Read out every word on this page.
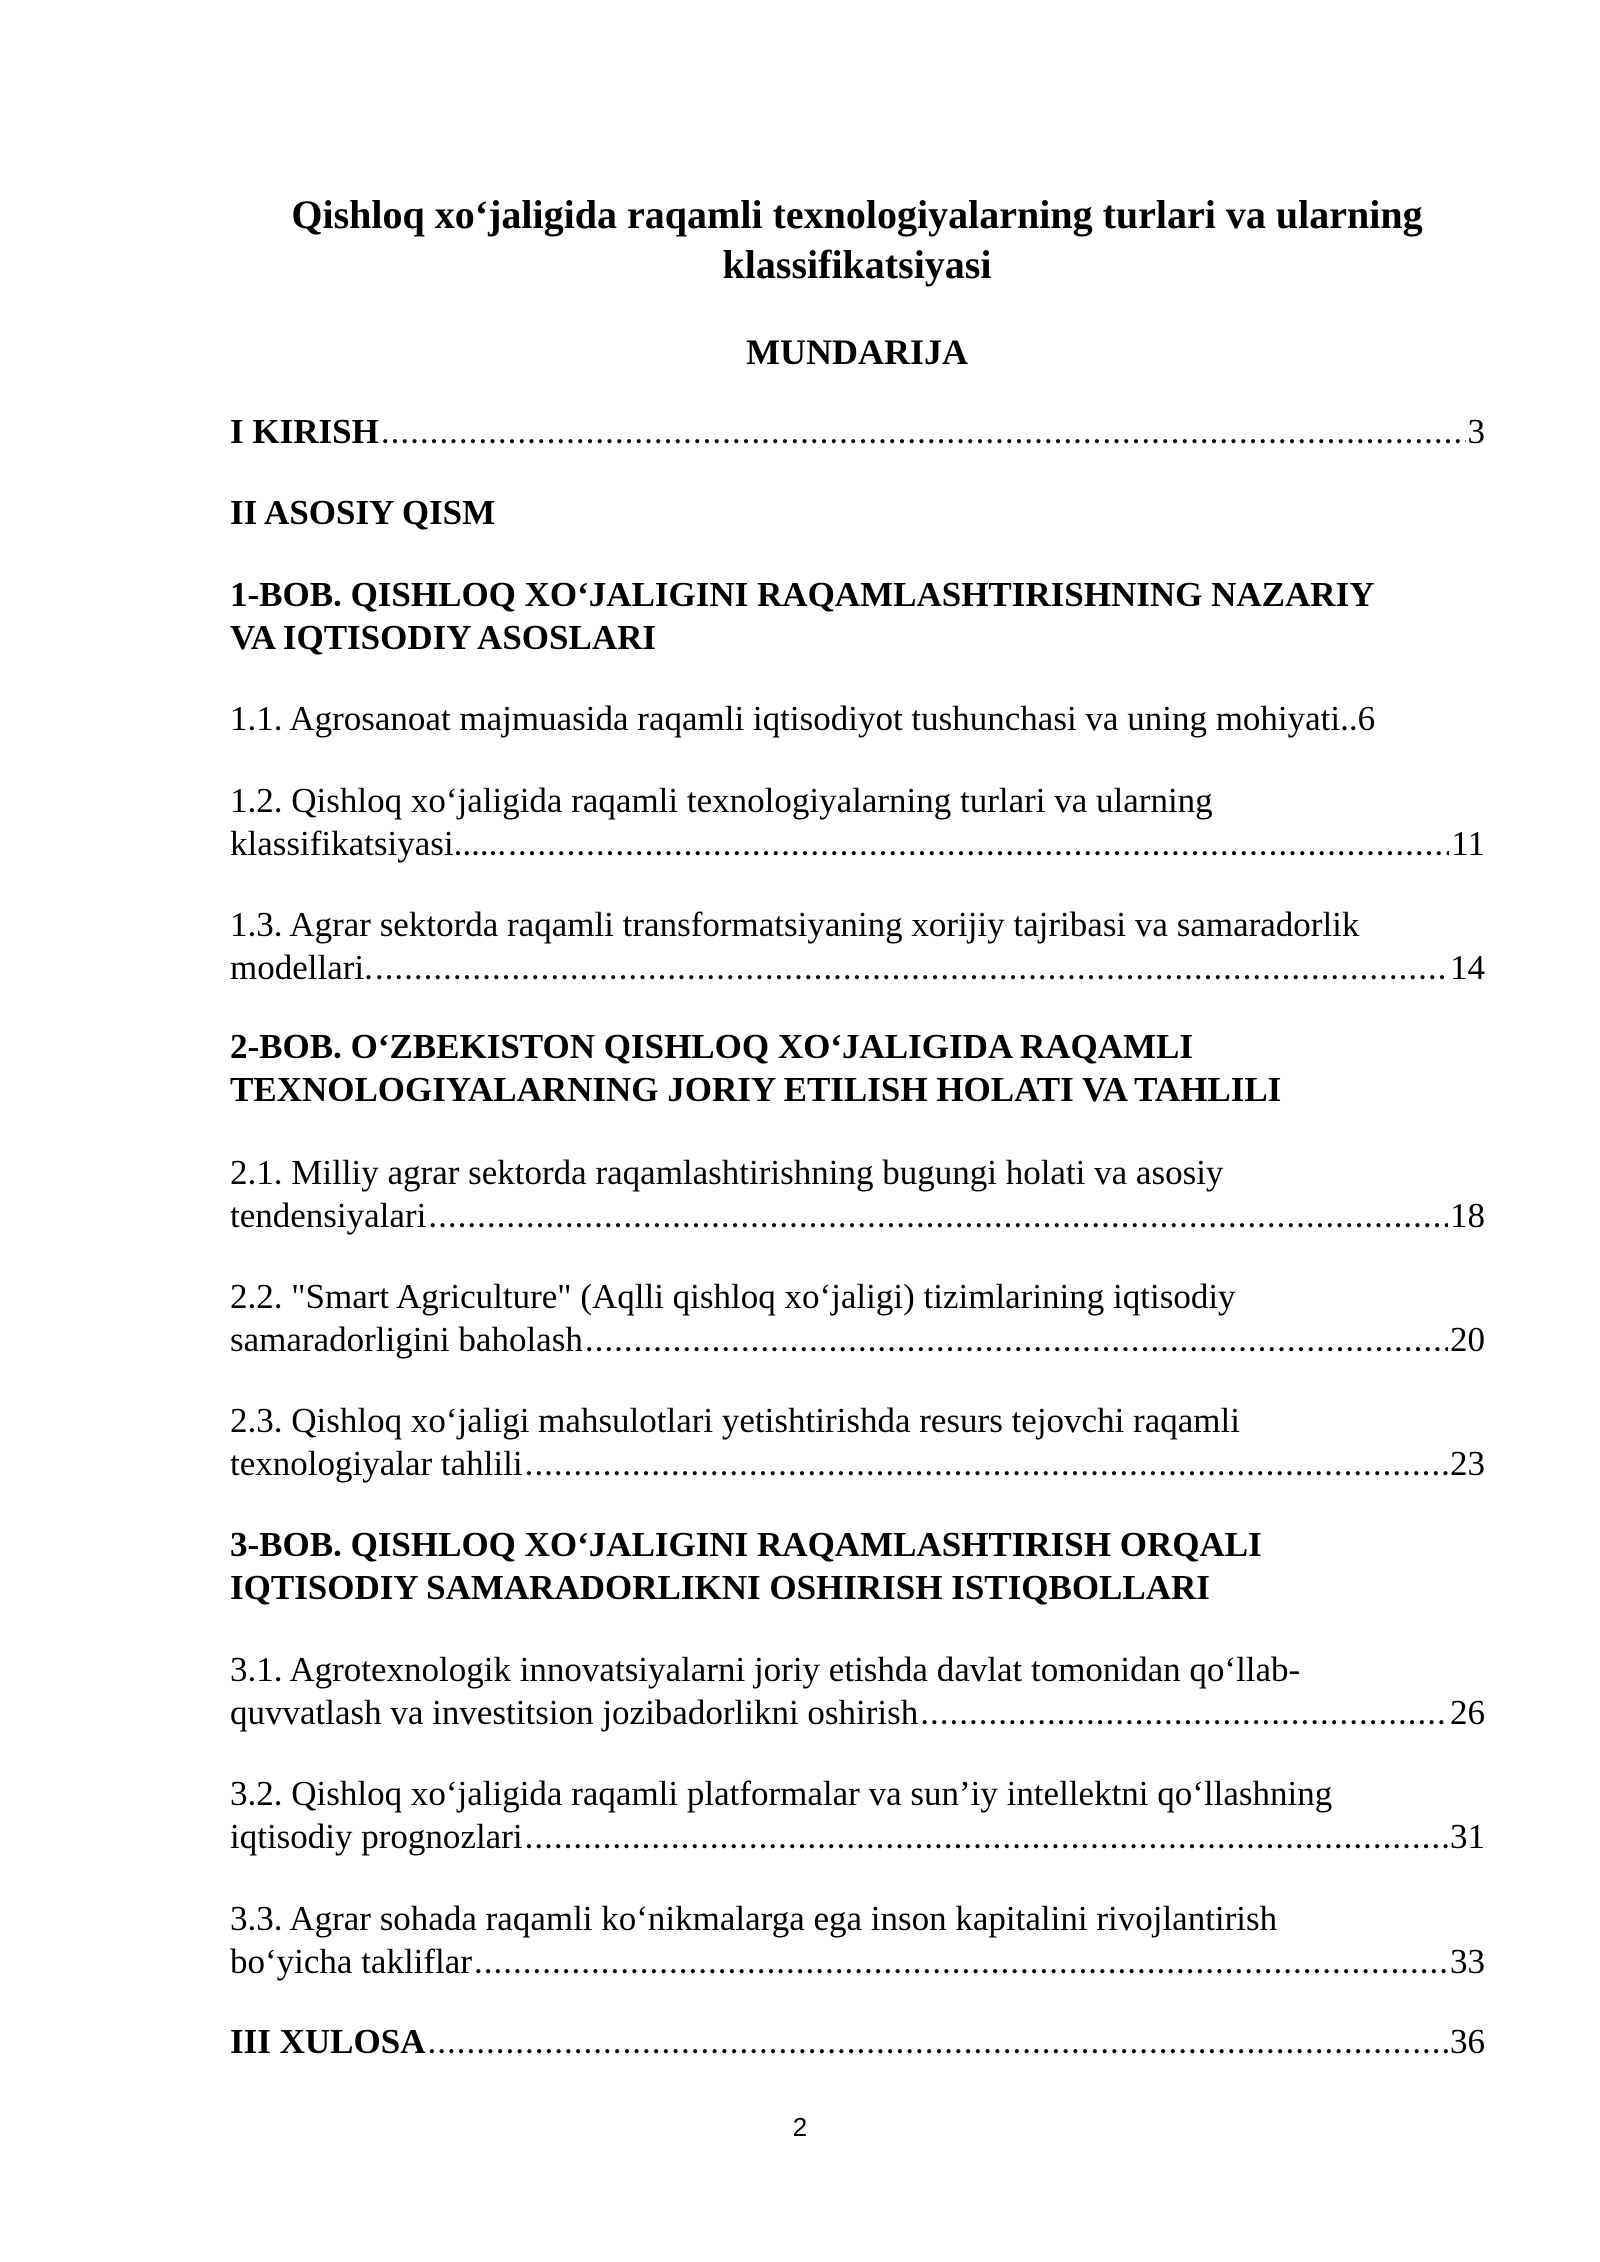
Qishloq xo‘jaligida raqamli texnologiyalarning turlari va ularning
klassifikatsiyasi
MUNDARIJA
I KIRISH .....	3
II ASOSIY QISM
1-BOB. QISHLOQ XO‘JALIGINI RAQAMLASHTIRISHNING NAZARIY
VA IQTISODIY ASOSLARI
1.1. Agrosanoat majmuasida raqamli iqtisodiyot tushunchasi va uning mohiyati..6
1.2. Qishloq xo‘jaligida raqamli texnologiyalarning turlari va ularning
klassifikatsiyasi...... .....	11
1.3. Agrar sektorda raqamli transformatsiyaning xorijiy tajribasi va samaradorlik
modellari. .....	14
2-BOB. O‘ZBEKISTON QISHLOQ XO‘JALIGIDA RAQAMLI
TEXNOLOGIYALARNING JORIY ETILISH HOLATI VA TAHLILI
2.1. Milliy agrar sektorda raqamlashtirishning bugungi holati va asosiy
tendensiyalari .....	18
2.2. "Smart Agriculture" (Aqlli qishloq xo‘jaligi) tizimlarining iqtisodiy
samaradorligini baholash .....	20
2.3. Qishloq xo‘jaligi mahsulotlari yetishtirishda resurs tejovchi raqamli
texnologiyalar tahlili .....	23
3-BOB. QISHLOQ XO‘JALIGINI RAQAMLASHTIRISH ORQALI
IQTISODIY SAMARADORLIKNI OSHIRISH ISTIQBOLLARI
3.1. Agrotexnologik innovatsiyalarni joriy etishda davlat tomonidan qo‘llab-
quvvatlash va investitsion jozibadorlikni oshirish .....	26
3.2. Qishloq xo‘jaligida raqamli platformalar va sun’iy intellektni qo‘llashning
iqtisodiy prognozlari .....	31
3.3. Agrar sohada raqamli ko‘nikmalarga ega inson kapitalini rivojlantirish
bo‘yicha takliflar .....	33
III XULOSA .....	36
2
